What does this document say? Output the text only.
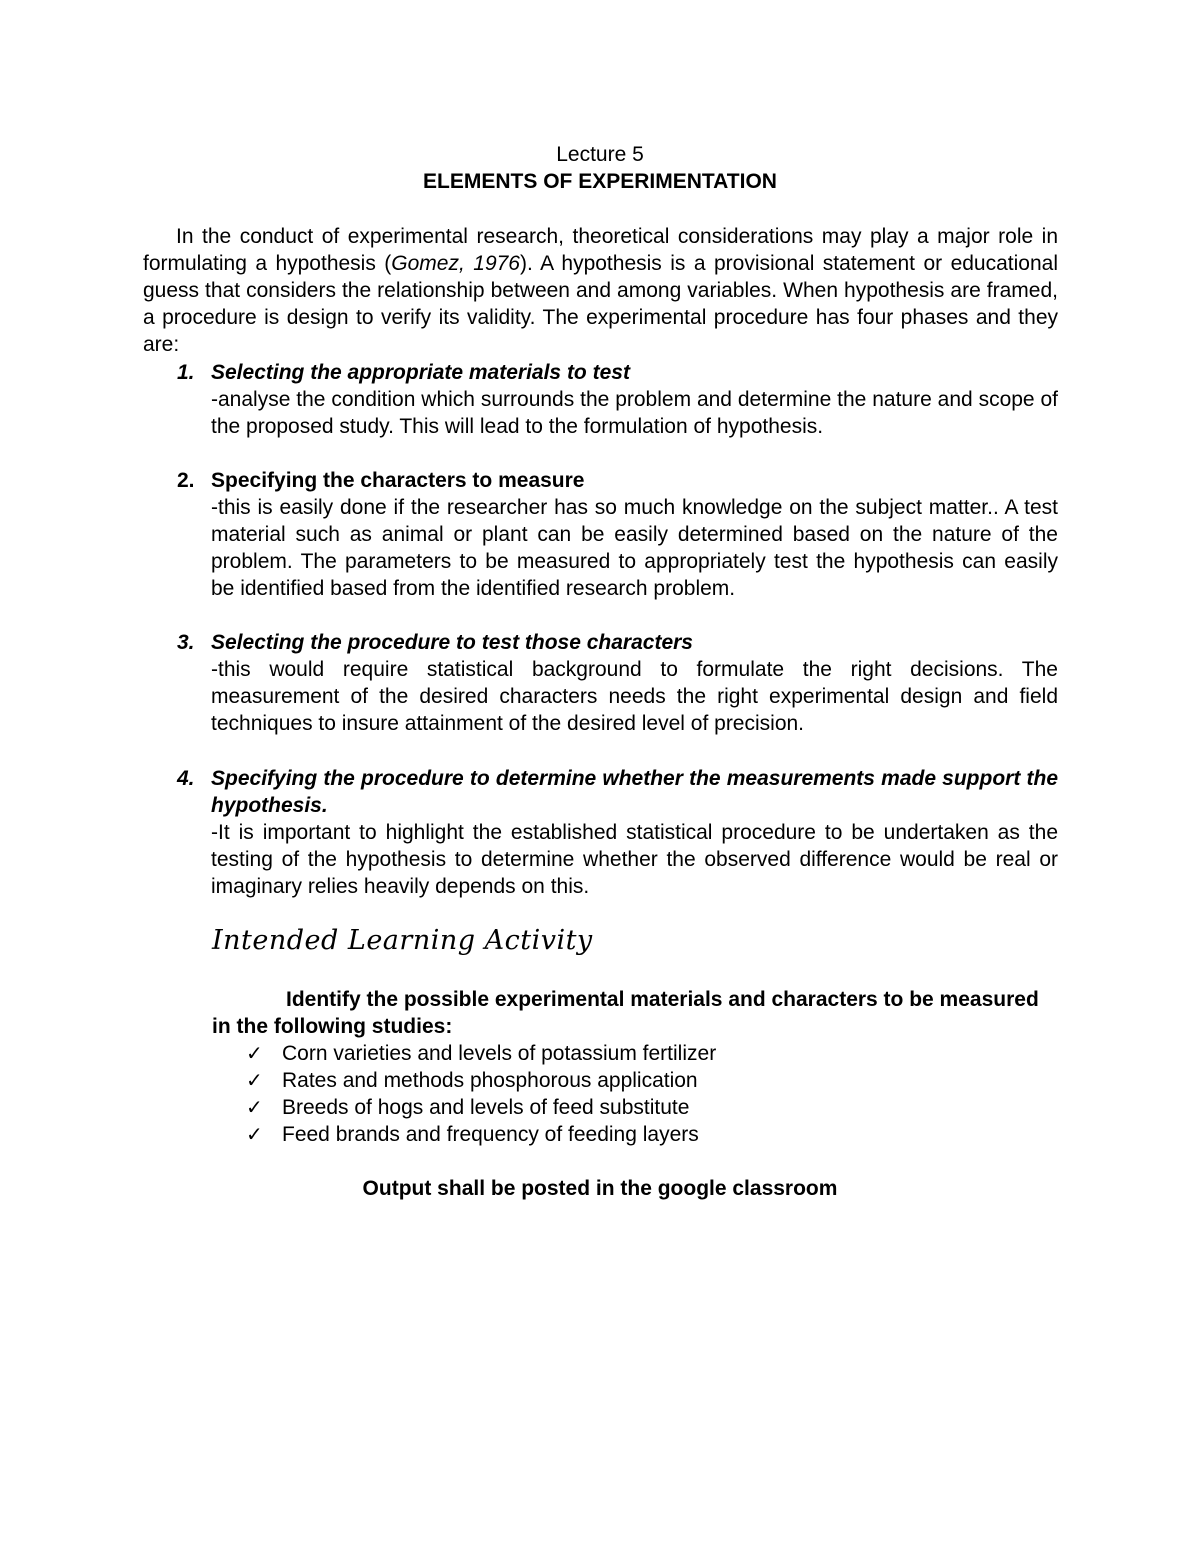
Lecture 5
ELEMENTS OF EXPERIMENTATION

In the conduct of experimental research, theoretical considerations may play a major role in formulating a hypothesis (Gomez, 1976). A hypothesis is a provisional statement or educational guess that considers the relationship between and among variables. When hypothesis are framed, a procedure is design to verify its validity. The experimental procedure has four phases and they are:

1. Selecting the appropriate materials to test
-analyse the condition which surrounds the problem and determine the nature and scope of the proposed study. This will lead to the formulation of hypothesis.
2. Specifying the characters to measure
-this is easily done if the researcher has so much knowledge on the subject matter.. A test material such as animal or plant can be easily determined based on the nature of the problem. The parameters to be measured to appropriately test the hypothesis can easily be identified based from the identified research problem.
3. Selecting the procedure to test those characters
-this would require statistical background to formulate the right decisions. The measurement of the desired characters needs the right experimental design and field techniques to insure attainment of the desired level of precision.
4. Specifying the procedure to determine whether the measurements made support the hypothesis.
-It is important to highlight the established statistical procedure to be undertaken as the testing of the hypothesis to determine whether the observed difference would be real or imaginary relies heavily depends on this.
Intended Learning Activity
Identify the possible experimental materials and characters to be measured in the following studies:
✓ Corn varieties and levels of potassium fertilizer
✓ Rates and methods phosphorous application
✓ Breeds of hogs and levels of feed substitute
✓ Feed brands and frequency of feeding layers
Output shall be posted in the google classroom
